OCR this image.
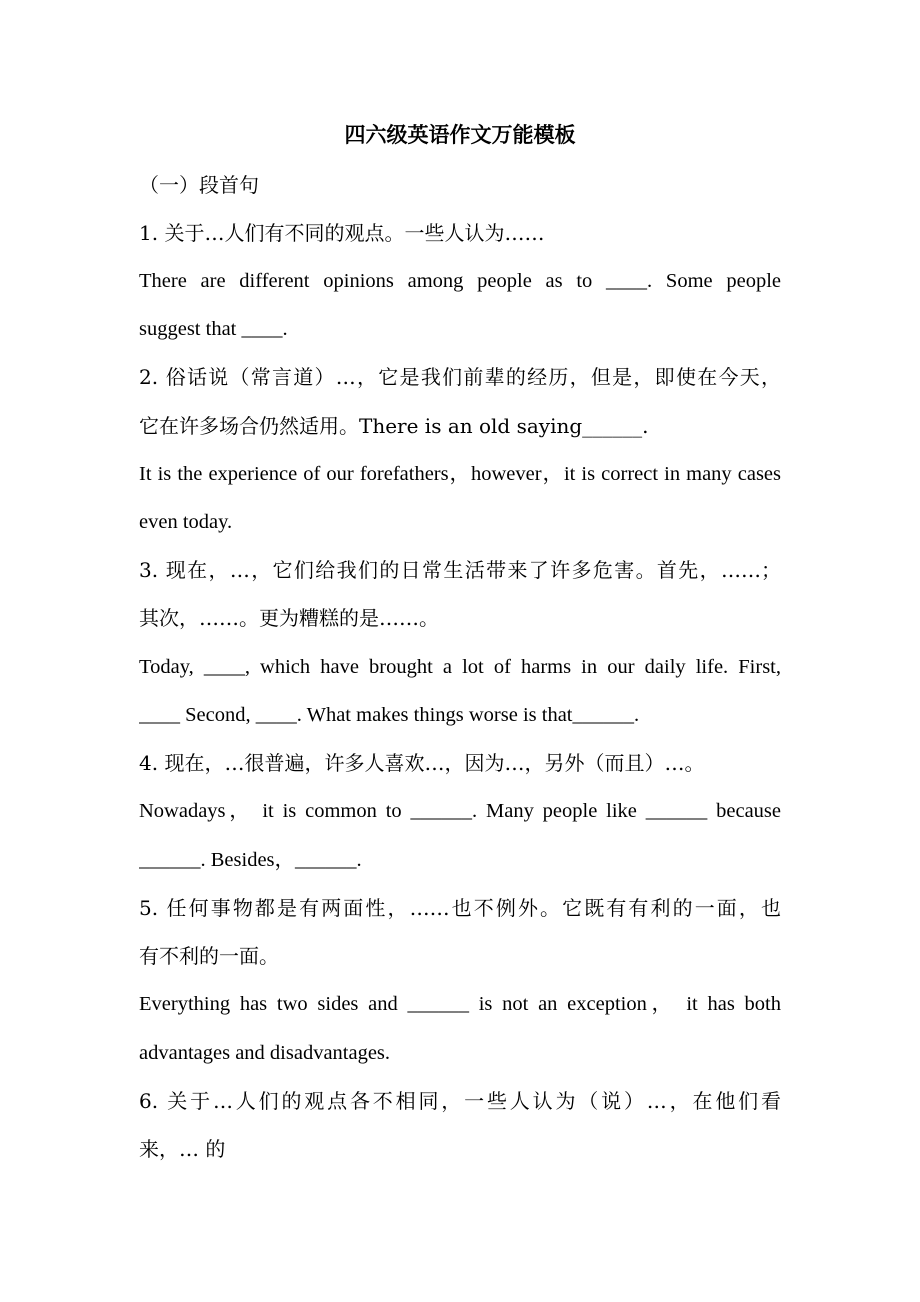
四六级英语作文万能模板
（一）段首句
1. 关于…人们有不同的观点。一些人认为……
There are different opinions among people as to ____. Some people
suggest that ____.
2. 俗话说（常言道）…，它是我们前辈的经历，但是，即使在今天，
它在许多场合仍然适用。There is an old saying______.
It is the experience of our forefathers，however，it is correct in many cases
even today.
3. 现在，…，它们给我们的日常生活带来了许多危害。首先，……；
其次，……。更为糟糕的是……。
Today, ____, which have brought a lot of harms in our daily life. First,
____ Second, ____. What makes things worse is that______.
4. 现在，…很普遍，许多人喜欢…，因为…，另外（而且）…。
Nowadays， it is common to ______. Many people like ______ because
______. Besides，______.
5. 任何事物都是有两面性，……也不例外。它既有有利的一面，也
有不利的一面。
Everything has two sides and ______ is not an exception， it has both
advantages and disadvantages.
6. 关于…人们的观点各不相同，一些人认为（说）…，在他们看
来，… 的
